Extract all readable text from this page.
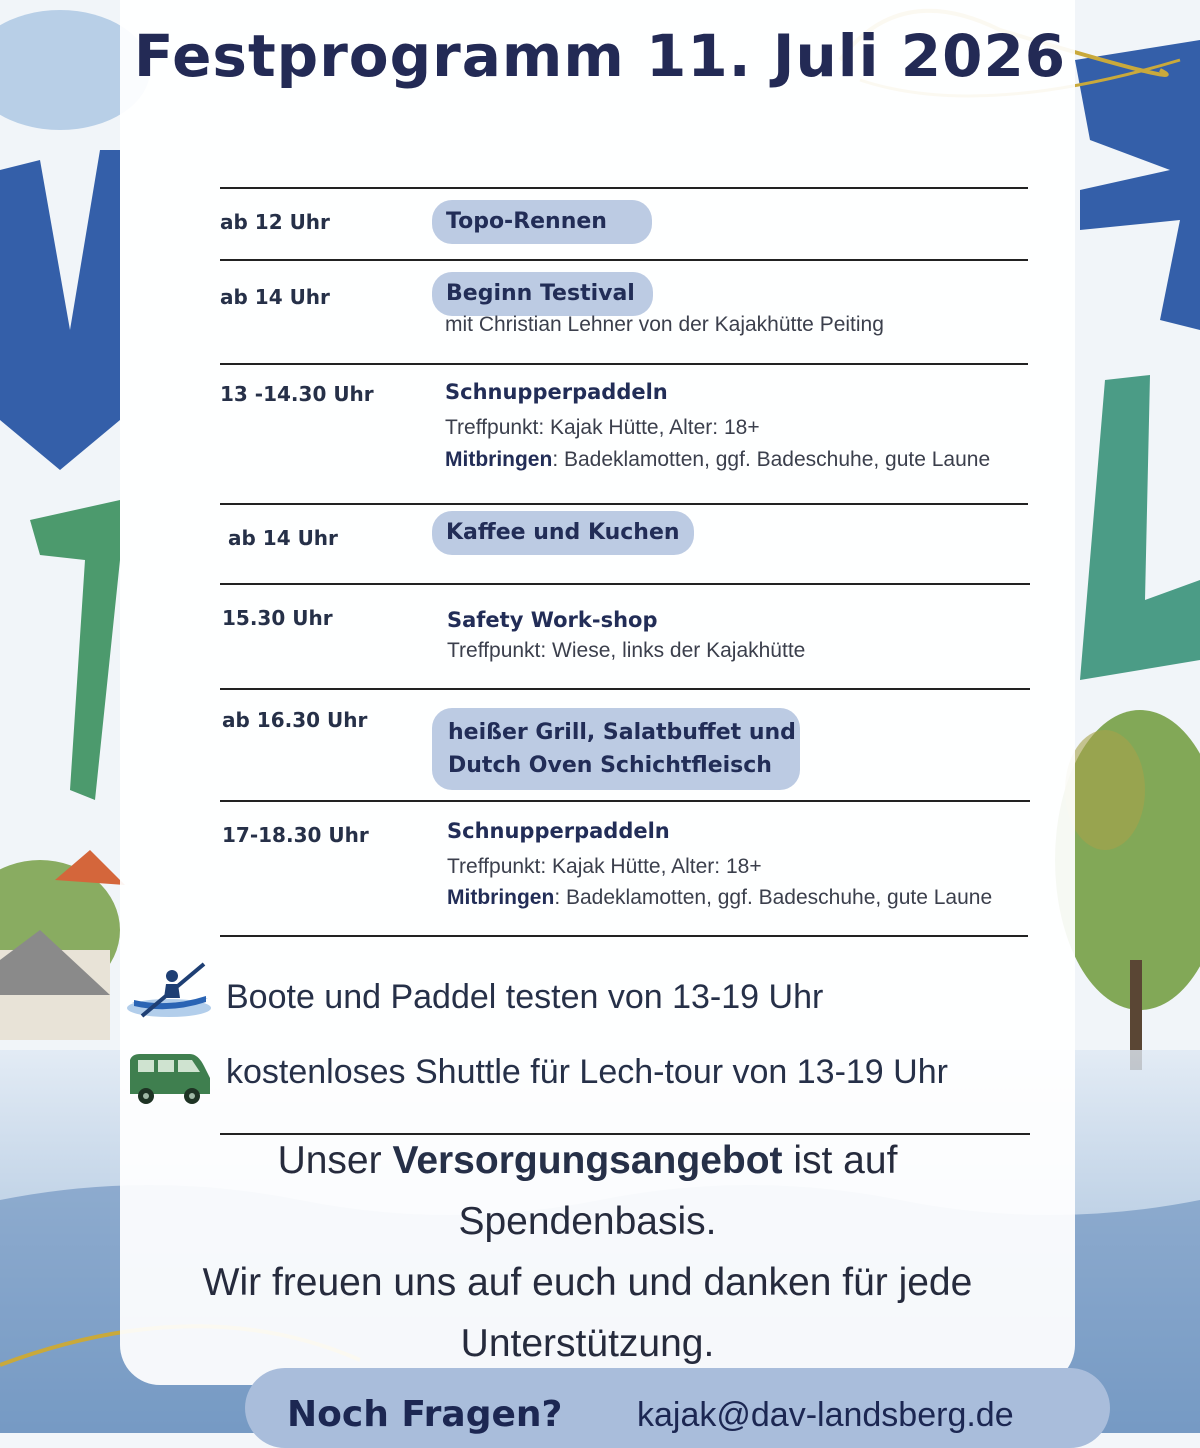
Festprogramm 11. Juli 2026
ab 12 Uhr	Topo-Rennen
ab 14 Uhr	Beginn Testival
mit Christian Lehner von der Kajakhütte Peiting
13 -14.30 Uhr	Schnupperpaddeln
Treffpunkt: Kajak Hütte, Alter: 18+
Mitbringen: Badeklamotten, ggf. Badeschuhe, gute Laune
ab 14 Uhr	Kaffee und Kuchen
15.30 Uhr	Safety Work-shop
Treffpunkt: Wiese, links der Kajakhütte
ab 16.30 Uhr	heißer Grill, Salatbuffet und
Dutch Oven Schichtfleisch
17-18.30 Uhr	Schnupperpaddeln
Treffpunkt: Kajak Hütte, Alter: 18+
Mitbringen: Badeklamotten, ggf. Badeschuhe, gute Laune
Boote und Paddel testen von 13-19 Uhr
kostenloses Shuttle für Lech-tour von 13-19 Uhr
Unser Versorgungsangebot ist auf
Spendenbasis.
Wir freuen uns auf euch und danken für jede
Unterstützung.
Noch Fragen? kajak@dav-landsberg.de
